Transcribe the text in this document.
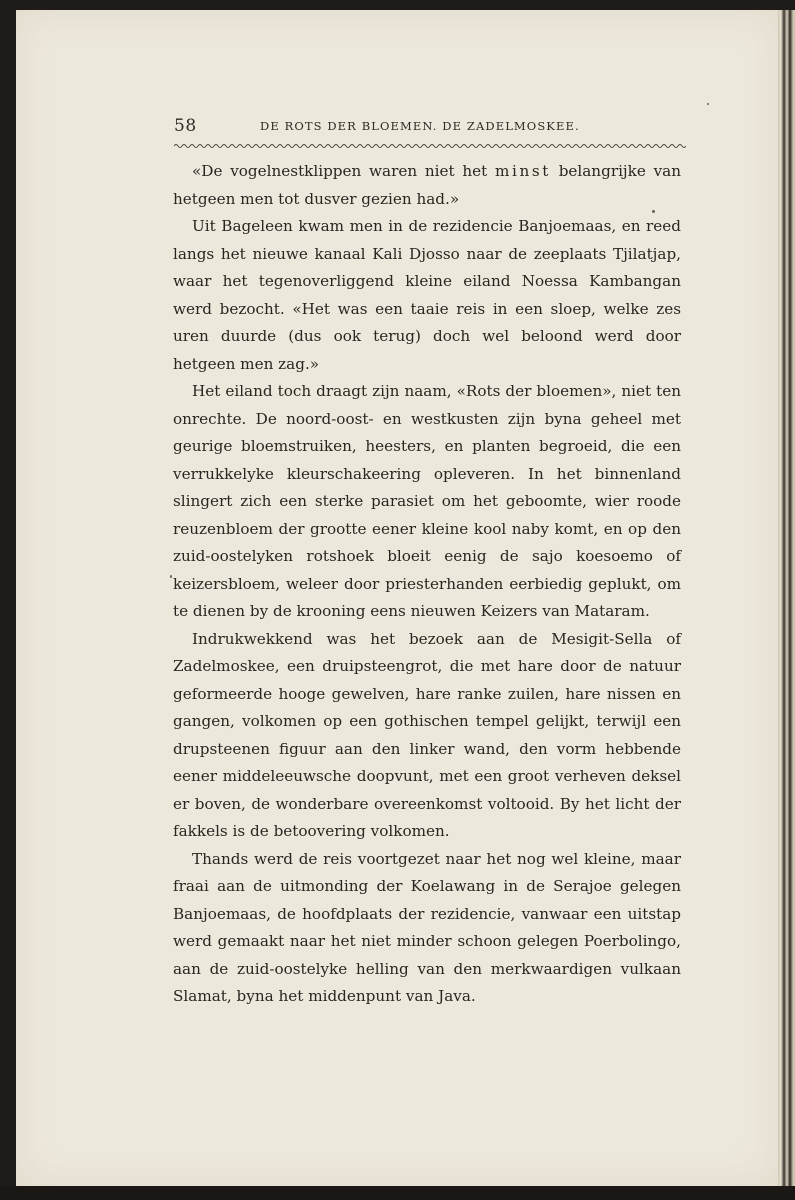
58	DE ROTS DER BLOEMEN. DE ZADELMOSKEE.

«De vogelnestklippen waren niet het minst belangrijke van hetgeen men tot dusver gezien had.»

Uit Bageleen kwam men in de rezidencie Banjoemaas, en reed langs het nieuwe kanaal Kali Djosso naar de zeeplaats Tjilatjap, waar het tegenoverliggend kleine eiland Noessa Kambangan werd bezocht. «Het was een taaie reis in een sloep, welke zes uren duurde (dus ook terug) doch wel beloond werd door hetgeen men zag.»

Het eiland toch draagt zijn naam, «Rots der bloemen», niet ten onrechte. De noord-oost- en westkusten zijn byna geheel met geurige bloemstruiken, heesters, en planten begroeid, die een verrukkelyke kleurschakeering opleveren. In het binnenland slingert zich een sterke parasiet om het geboomte, wier roode reuzenbloem der grootte eener kleine kool naby komt, en op den zuid-oostelyken rotshoek bloeit eenig de sajo koesoemo of keizersbloem, weleer door priesterhanden eerbiedig geplukt, om te dienen by de krooning eens nieuwen Keizers van Mataram.

Indrukwekkend was het bezoek aan de Mesigit-Sella of Zadelmoskee, een druipsteengrot, die met hare door de natuur geformeerde hooge gewelven, hare ranke zuilen, hare nissen en gangen, volkomen op een gothischen tempel gelijkt, terwijl een drupsteenen figuur aan den linker wand, den vorm hebbende eener middeleeuwsche doopvunt, met een groot verheven deksel er boven, de wonderbare overeenkomst voltooid. By het licht der fakkels is de betoovering volkomen.

Thands werd de reis voortgezet naar het nog wel kleine, maar fraai aan de uitmonding der Koelawang in de Serajoe gelegen Banjoemaas, de hoofdplaats der rezidencie, vanwaar een uitstap werd gemaakt naar het niet minder schoon gelegen Poerbolingo, aan de zuid-oostelyke helling van den merkwaardigen vulkaan Slamat, byna het middenpunt van Java.
